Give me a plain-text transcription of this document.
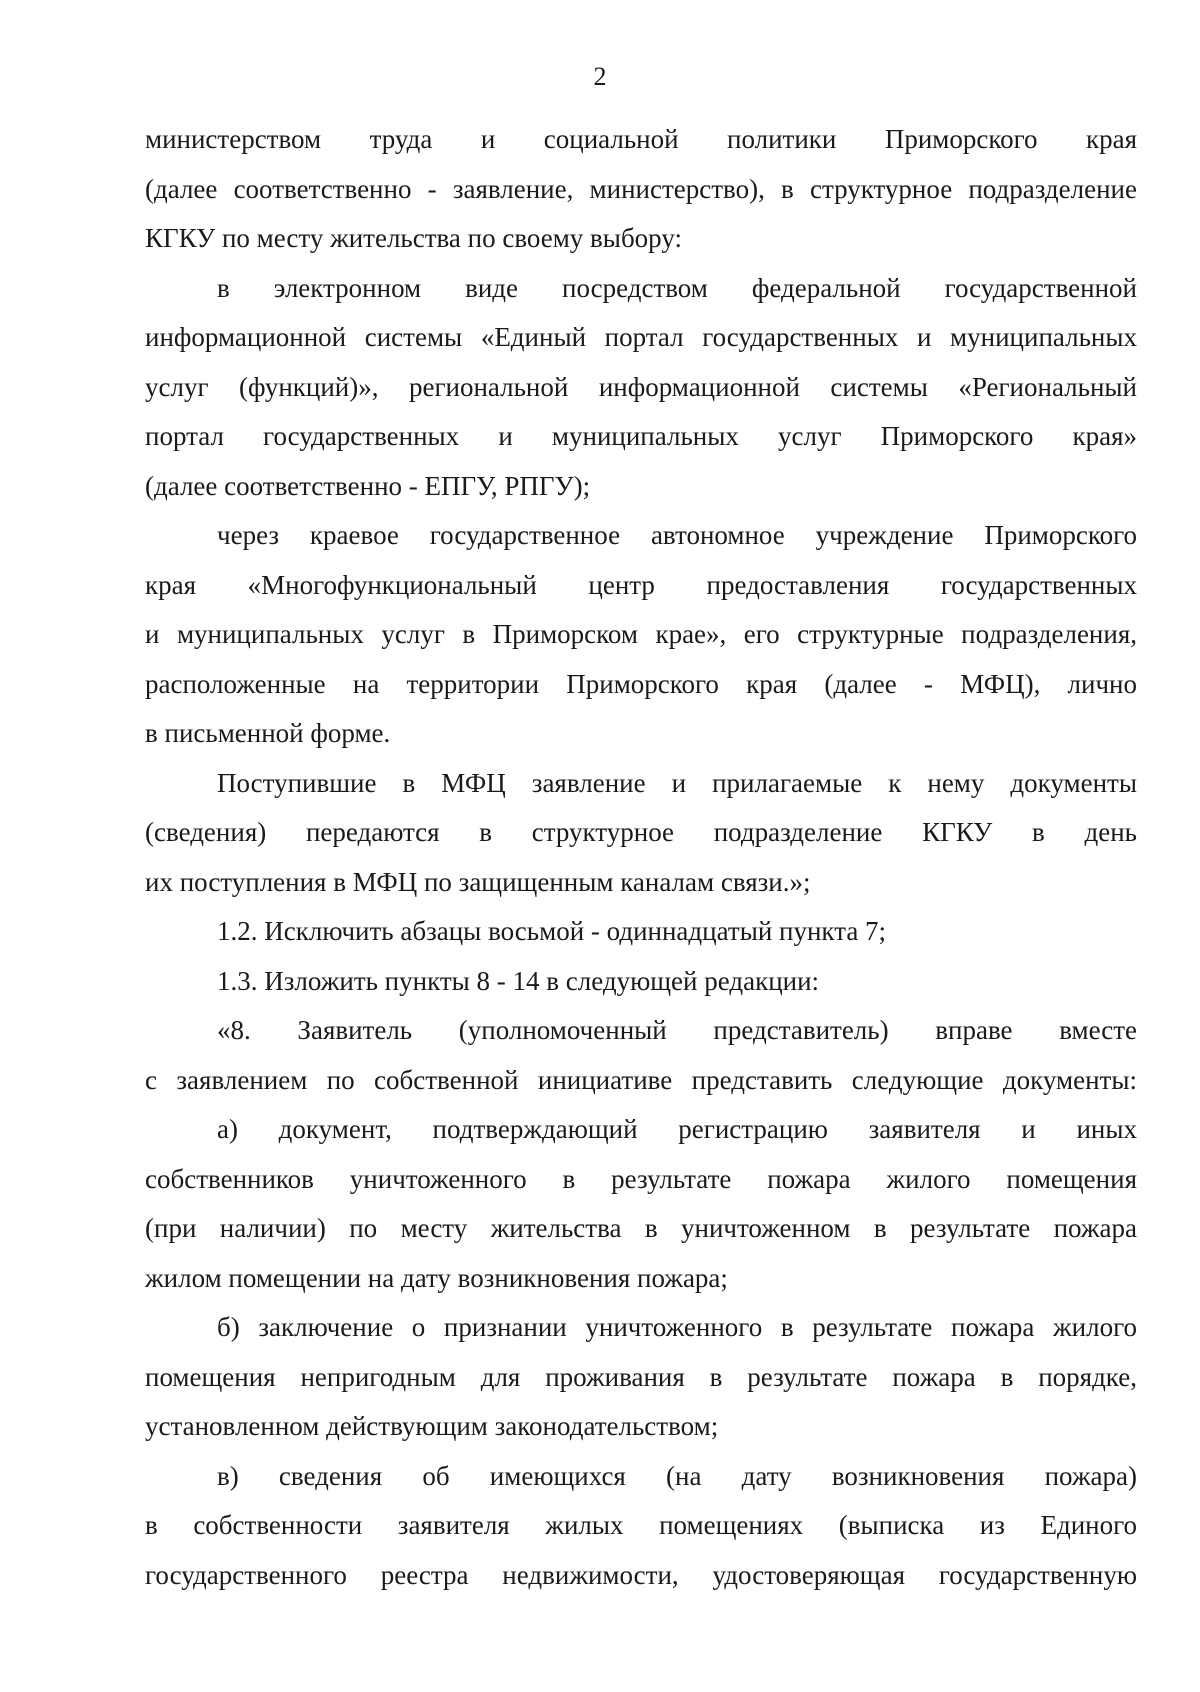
2
министерством труда и социальной политики Приморского края
(далее соответственно - заявление, министерство), в структурное подразделение
КГКУ по месту жительства по своему выбору:
в электронном виде посредством федеральной государственной
информационной системы «Единый портал государственных и муниципальных
услуг (функций)», региональной информационной системы «Региональный
портал государственных и муниципальных услуг Приморского края»
(далее соответственно - ЕПГУ, РПГУ);
через краевое государственное автономное учреждение Приморского
края «Многофункциональный центр предоставления государственных
и муниципальных услуг в Приморском крае», его структурные подразделения,
расположенные на территории Приморского края (далее - МФЦ), лично
в письменной форме.
Поступившие в МФЦ заявление и прилагаемые к нему документы
(сведения) передаются в структурное подразделение КГКУ в день
их поступления в МФЦ по защищенным каналам связи.»;
1.2. Исключить абзацы восьмой - одиннадцатый пункта 7;
1.3. Изложить пункты 8 - 14 в следующей редакции:
«8. Заявитель (уполномоченный представитель) вправе вместе
с заявлением по собственной инициативе представить следующие документы:
а) документ, подтверждающий регистрацию заявителя и иных
собственников уничтоженного в результате пожара жилого помещения
(при наличии) по месту жительства в уничтоженном в результате пожара
жилом помещении на дату возникновения пожара;
б) заключение о признании уничтоженного в результате пожара жилого
помещения непригодным для проживания в результате пожара в порядке,
установленном действующим законодательством;
в) сведения об имеющихся (на дату возникновения пожара)
в собственности заявителя жилых помещениях (выписка из Единого
государственного реестра недвижимости, удостоверяющая государственную
